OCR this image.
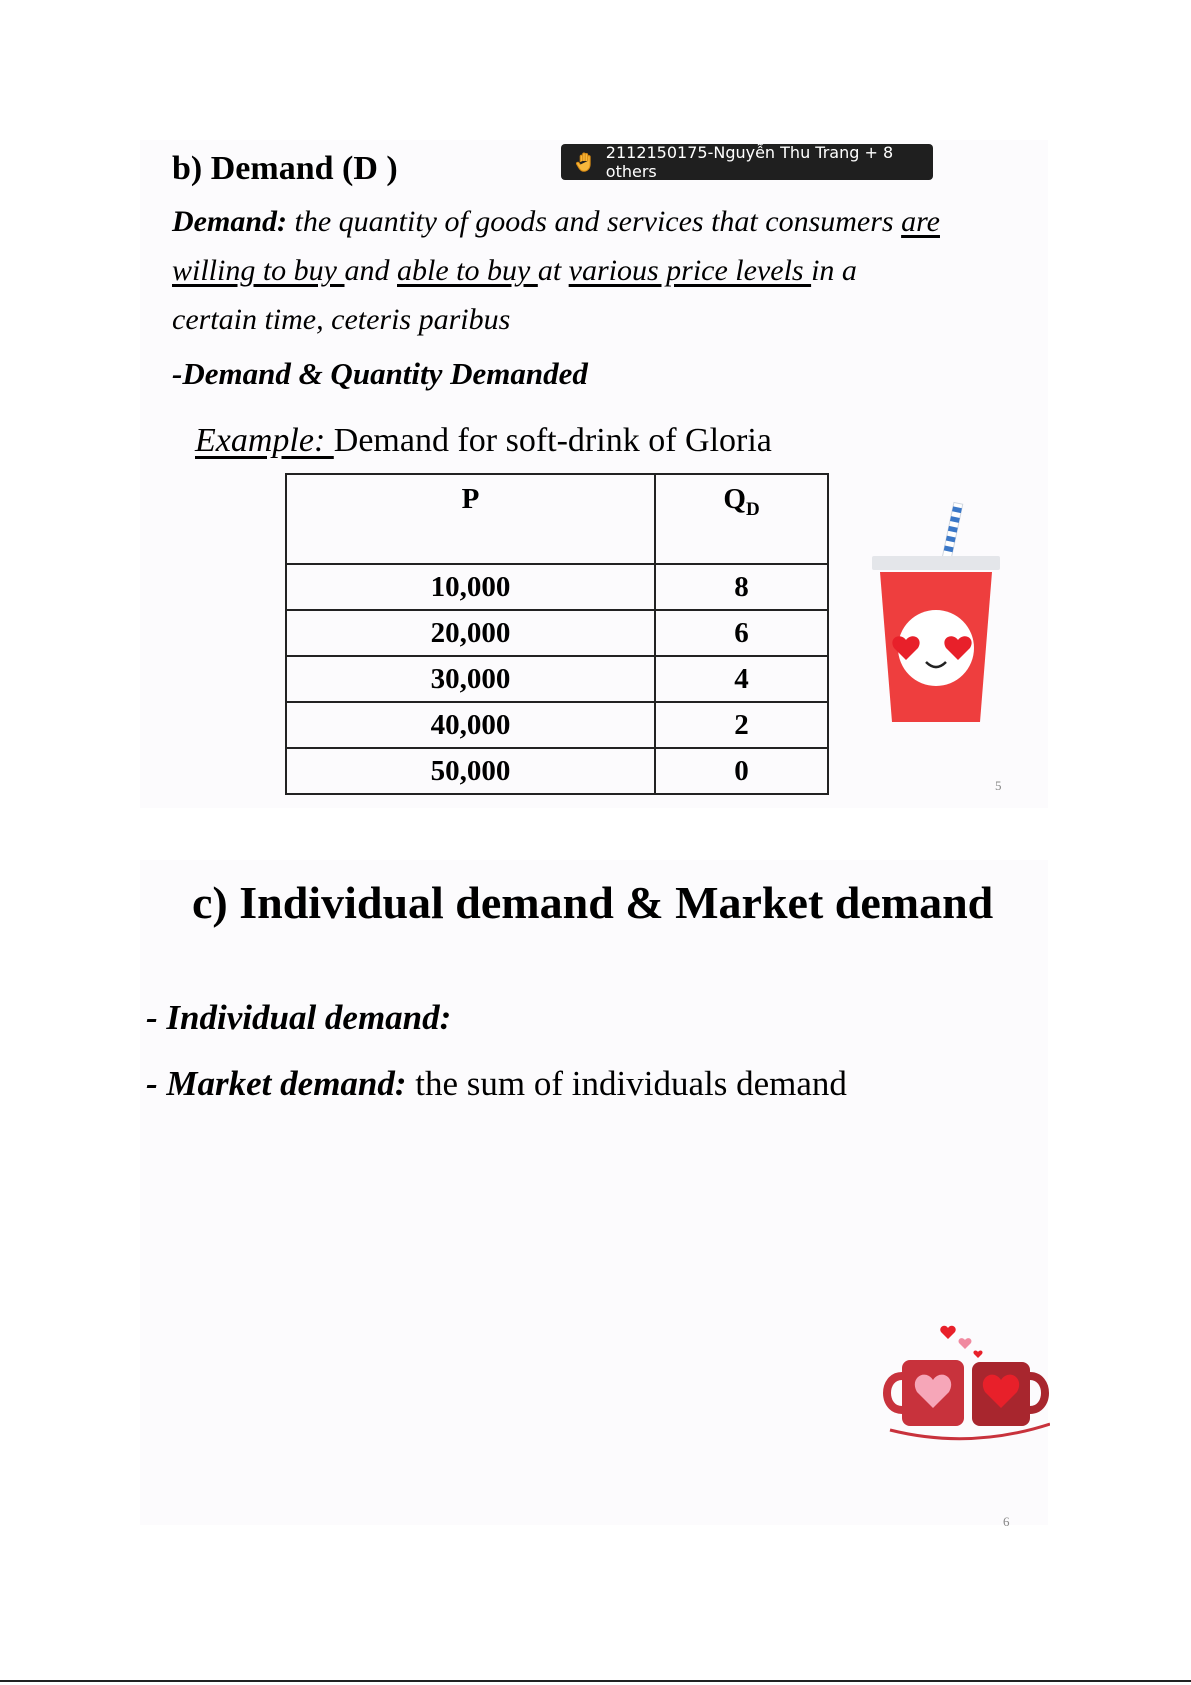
b) Demand (D )	2112150175-Nguyễn Thu Trang + 8 others
Demand: the quantity of goods and services that consumers are
willing to buy and able to buy at various price levels in a
certain time, ceteris paribus
-Demand & Quantity Demanded
Example: Demand for soft-drink of Gloria
P	$Q_D$
10,000	8
20,000	6
30,000	4
40,000	2
50,000	0	5
c) Individual demand & Market demand
- Individual demand:
- Market demand: the sum of individuals demand
6
